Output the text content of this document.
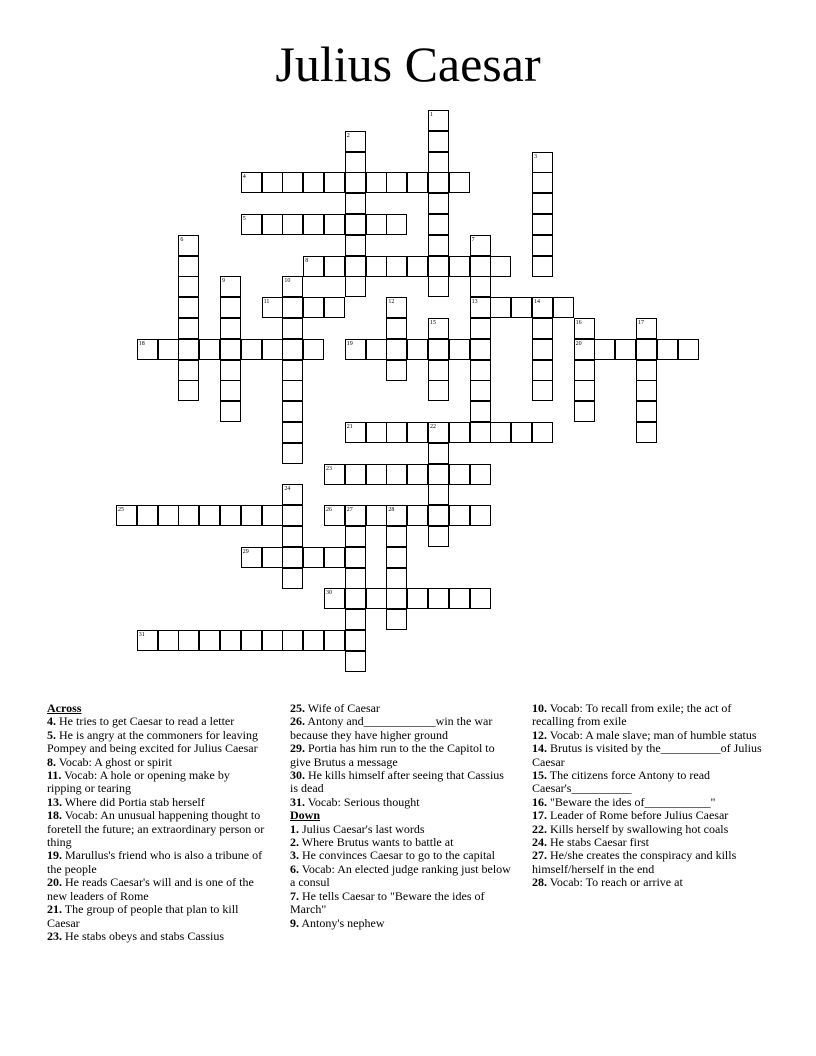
Julius Caesar
4
5
8
11	13
18	19	20
21
23
25	26
29
30
31
1
2
3
6	7
9	10
12	14
15	16	17
22
24
27	28

Across

4. He tries to get Caesar to read a letter

5. He is angry at the commoners for leaving Pompey and being excited for Julius Caesar

8. Vocab: A ghost or spirit

11. Vocab: A hole or opening make by ripping or tearing

13. Where did Portia stab herself

18. Vocab: An unusual happening thought to foretell the future; an extraordinary person or thing

19. Marullus's friend who is also a tribune of the people

20. He reads Caesar's will and is one of the new leaders of Rome

21. The group of people that plan to kill Caesar

23. He stabs obeys and stabs Cassius

25. Wife of Caesar

26. Antony and____________win the war because they have higher ground

29. Portia has him run to the the Capitol to give Brutus a message

30. He kills himself after seeing that Cassius is dead

31. Vocab: Serious thought

Down

1. Julius Caesar's last words

2. Where Brutus wants to battle at

3. He convinces Caesar to go to the capital

6. Vocab: An elected judge ranking just below a consul

7. He tells Caesar to "Beware the ides of March"

9. Antony's nephew

10. Vocab: To recall from exile; the act of recalling from exile

12. Vocab: A male slave; man of humble status

14. Brutus is visited by the__________of Julius Caesar

15. The citizens force Antony to read Caesar's__________

16. "Beware the ides of___________"

17. Leader of Rome before Julius Caesar

22. Kills herself by swallowing hot coals

24. He stabs Caesar first

27. He/she creates the conspiracy and kills himself/herself in the end

28. Vocab: To reach or arrive at
